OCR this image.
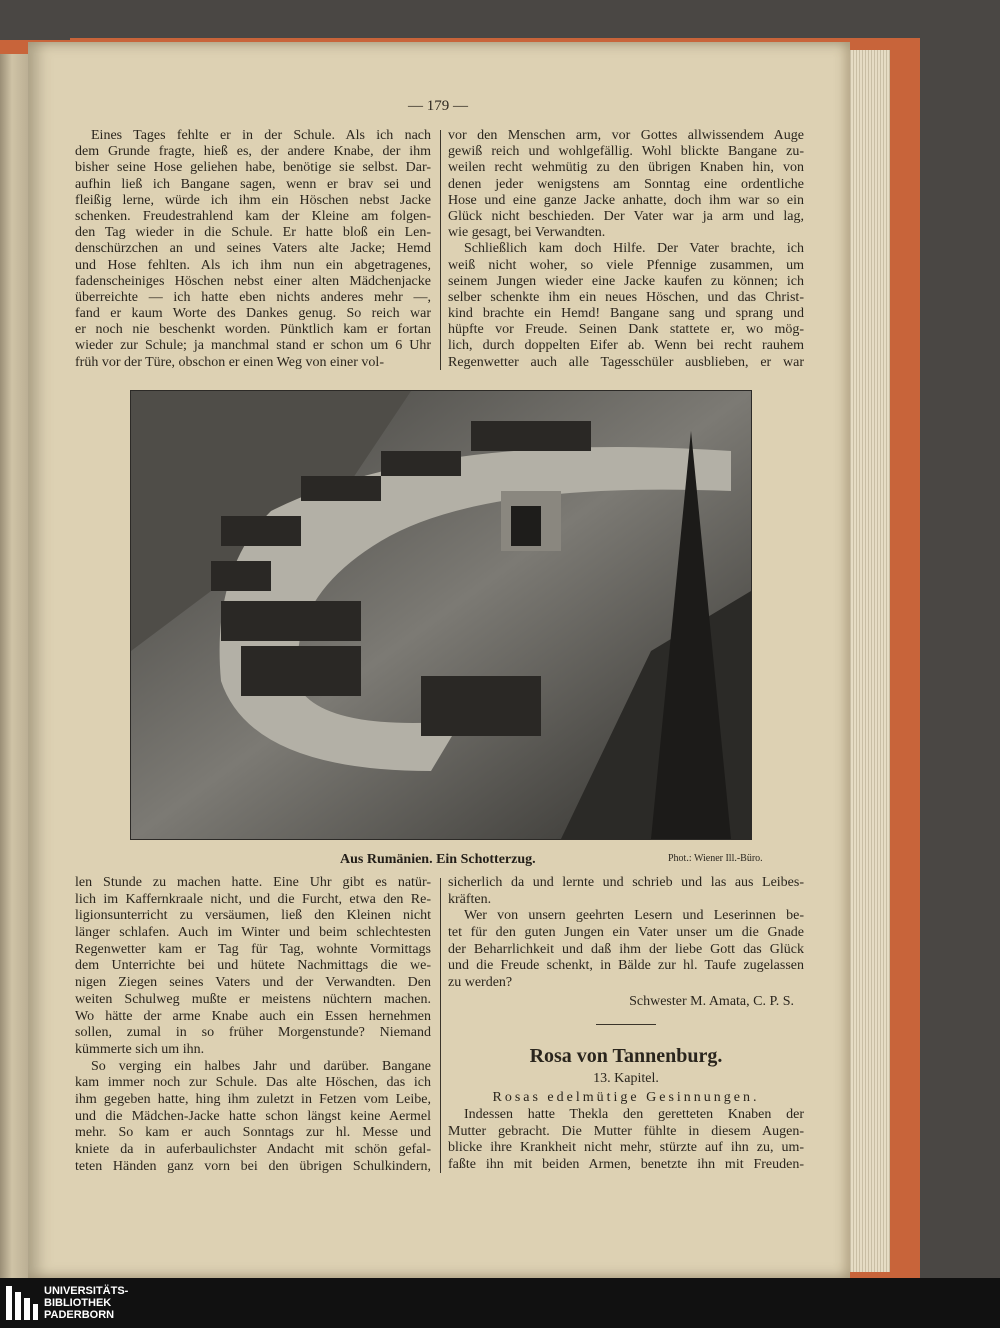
— 179 —
Eines Tages fehlte er in der Schule. Als ich nach
dem Grunde fragte, hieß es, der andere Knabe, der ihm
bisher seine Hose geliehen habe, benötige sie selbst. Dar-
aufhin ließ ich Bangane sagen, wenn er brav sei und
fleißig lerne, würde ich ihm ein Höschen nebst Jacke
schenken. Freudestrahlend kam der Kleine am folgen-
den Tag wieder in die Schule. Er hatte bloß ein Len-
denschürzchen an und seines Vaters alte Jacke; Hemd
und Hose fehlten. Als ich ihm nun ein abgetragenes,
fadenscheiniges Höschen nebst einer alten Mädchenjacke
überreichte — ich hatte eben nichts anderes mehr —,
fand er kaum Worte des Dankes genug. So reich war
er noch nie beschenkt worden. Pünktlich kam er fortan
wieder zur Schule; ja manchmal stand er schon um 6 Uhr
früh vor der Türe, obschon er einen Weg von einer vol-
vor den Menschen arm, vor Gottes allwissendem Auge
gewiß reich und wohlgefällig. Wohl blickte Bangane zu-
weilen recht wehmütig zu den übrigen Knaben hin, von
denen jeder wenigstens am Sonntag eine ordentliche
Hose und eine ganze Jacke anhatte, doch ihm war so ein
Glück nicht beschieden. Der Vater war ja arm und lag,
wie gesagt, bei Verwandten.
Schließlich kam doch Hilfe. Der Vater brachte, ich
weiß nicht woher, so viele Pfennige zusammen, um
seinem Jungen wieder eine Jacke kaufen zu können; ich
selber schenkte ihm ein neues Höschen, und das Christ-
kind brachte ein Hemd! Bangane sang und sprang und
hüpfte vor Freude. Seinen Dank stattete er, wo mög-
lich, durch doppelten Eifer ab. Wenn bei recht rauhem
Regenwetter auch alle Tagesschüler ausblieben, er war
Aus Rumänien. Ein Schotterzug.	Phot.: Wiener Ill.-Büro.
len Stunde zu machen hatte. Eine Uhr gibt es natür-
lich im Kaffernkraale nicht, und die Furcht, etwa den Re-
ligionsunterricht zu versäumen, ließ den Kleinen nicht
länger schlafen. Auch im Winter und beim schlechtesten
Regenwetter kam er Tag für Tag, wohnte Vormittags
dem Unterrichte bei und hütete Nachmittags die we-
nigen Ziegen seines Vaters und der Verwandten. Den
weiten Schulweg mußte er meistens nüchtern machen.
Wo hätte der arme Knabe auch ein Essen hernehmen
sollen, zumal in so früher Morgenstunde? Niemand
kümmerte sich um ihn.
So verging ein halbes Jahr und darüber. Bangane
kam immer noch zur Schule. Das alte Höschen, das ich
ihm gegeben hatte, hing ihm zuletzt in Fetzen vom Leibe,
und die Mädchen-Jacke hatte schon längst keine Aermel
mehr. So kam er auch Sonntags zur hl. Messe und
kniete da in auferbaulichster Andacht mit schön gefal-
teten Händen ganz vorn bei den übrigen Schulkindern,
sicherlich da und lernte und schrieb und las aus Leibes-
kräften.
Wer von unsern geehrten Lesern und Leserinnen be-
tet für den guten Jungen ein Vater unser um die Gnade
der Beharrlichkeit und daß ihm der liebe Gott das Glück
und die Freude schenkt, in Bälde zur hl. Taufe zugelassen
zu werden?
Schwester M. Amata, C. P. S.
Rosa von Tannenburg.
13. Kapitel.
Rosas edelmütige Gesinnungen.
Indessen hatte Thekla den geretteten Knaben der
Mutter gebracht. Die Mutter fühlte in diesem Augen-
blicke ihre Krankheit nicht mehr, stürzte auf ihn zu, um-
faßte ihn mit beiden Armen, benetzte ihn mit Freuden-
UNIVERSITÄTS-
BIBLIOTHEK
PADERBORN
